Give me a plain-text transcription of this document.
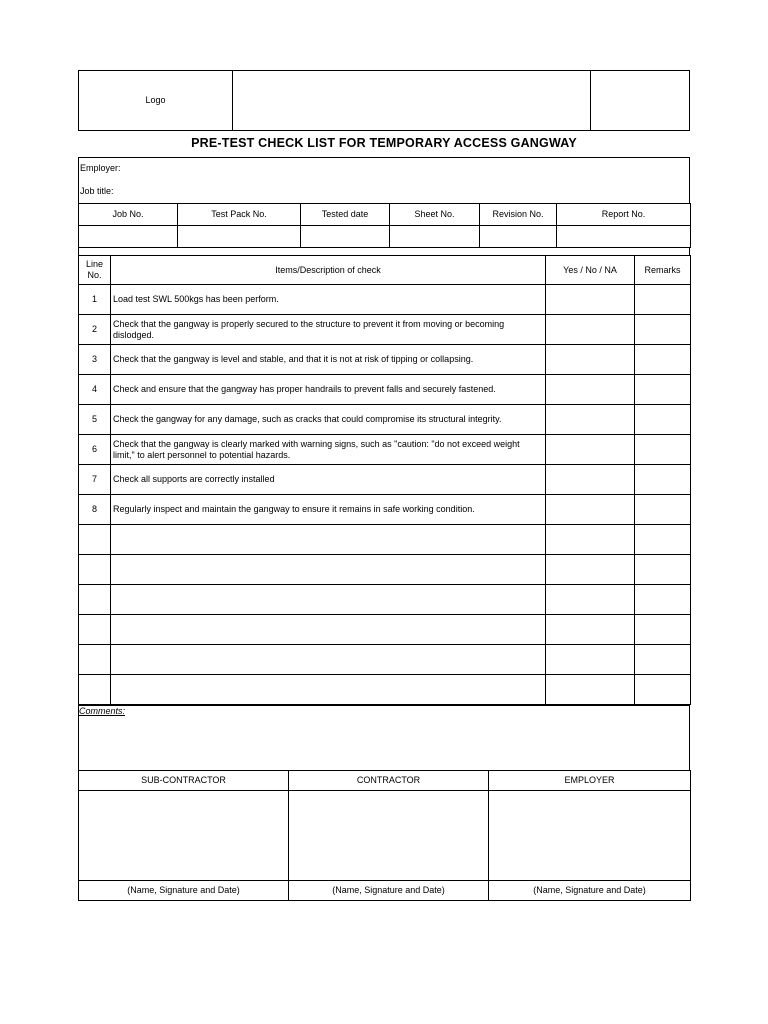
Logo
PRE-TEST CHECK LIST FOR TEMPORARY ACCESS GANGWAY
Employer:
Job title:
Job No.	Test Pack No.	Tested date	Sheet No.	Revision No.	Report No.

Line No.	Items/Description of check	Yes / No / NA	Remarks
1	Load test SWL 500kgs has been perform.		
2	Check that the gangway is properly secured to the structure to prevent it from moving or becoming dislodged.		
3	Check that the gangway is level and stable, and that it is not at risk of tipping or collapsing.		
4	Check and ensure that the gangway has proper handrails to prevent falls and securely fastened.		
5	Check the gangway for any damage, such as cracks that could compromise its structural integrity.		
6	Check that the gangway is clearly marked with warning signs, such as "caution: "do not exceed weight limit," to alert personnel to potential hazards.		
7	Check all supports are correctly installed		
8	Regularly inspect and maintain the gangway to ensure it remains in safe working condition.		

Comments:
SUB-CONTRACTOR	CONTRACTOR	EMPLOYER

(Name, Signature and Date)	(Name, Signature and Date)	(Name, Signature and Date)
